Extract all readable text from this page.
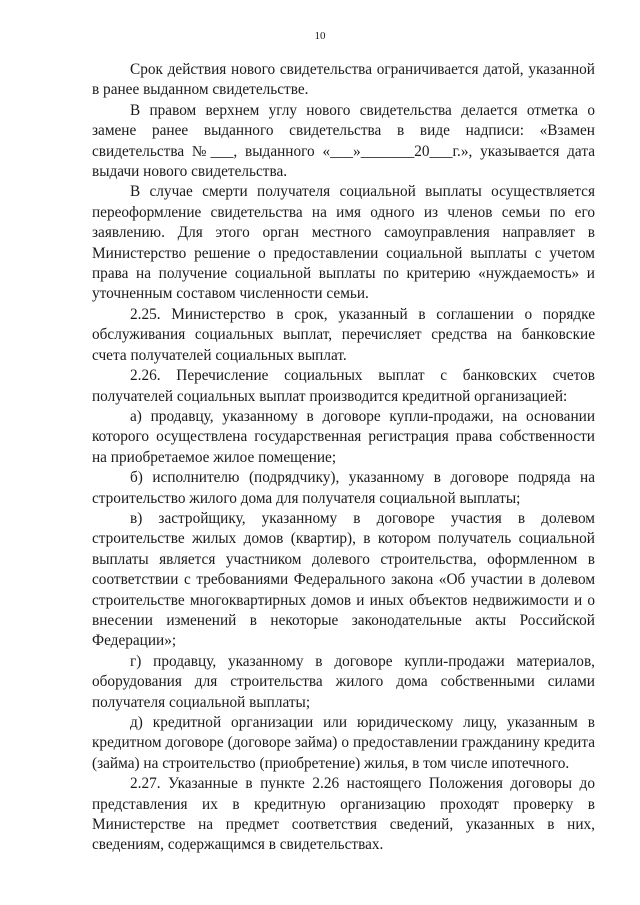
10

Срок действия нового свидетельства ограничивается датой, указанной в ранее выданном свидетельстве.

В правом верхнем углу нового свидетельства делается отметка о замене ранее выданного свидетельства в виде надписи: «Взамен свидетельства №___, выданного «___»_______20___г.», указывается дата выдачи нового свидетельства.

В случае смерти получателя социальной выплаты осуществляется переоформление свидетельства на имя одного из членов семьи по его заявлению. Для этого орган местного самоуправления направляет в Министерство решение о предоставлении социальной выплаты с учетом права на получение социальной выплаты по критерию «нуждаемость» и уточненным составом численности семьи.

2.25. Министерство в срок, указанный в соглашении о порядке обслуживания социальных выплат, перечисляет средства на банковские счета получателей социальных выплат.

2.26. Перечисление социальных выплат с банковских счетов получателей социальных выплат производится кредитной организацией:

а) продавцу, указанному в договоре купли-продажи, на основании которого осуществлена государственная регистрация права собственности на приобретаемое жилое помещение;

б) исполнителю (подрядчику), указанному в договоре подряда на строительство жилого дома для получателя социальной выплаты;

в) застройщику, указанному в договоре участия в долевом строительстве жилых домов (квартир), в котором получатель социальной выплаты является участником долевого строительства, оформленном в соответствии с требованиями Федерального закона «Об участии в долевом строительстве многоквартирных домов и иных объектов недвижимости и о внесении изменений в некоторые законодательные акты Российской Федерации»;

г) продавцу, указанному в договоре купли-продажи материалов, оборудования для строительства жилого дома собственными силами получателя социальной выплаты;

д) кредитной организации или юридическому лицу, указанным в кредитном договоре (договоре займа) о предоставлении гражданину кредита (займа) на строительство (приобретение) жилья, в том числе ипотечного.

2.27. Указанные в пункте 2.26 настоящего Положения договоры до представления их в кредитную организацию проходят проверку в Министерстве на предмет соответствия сведений, указанных в них, сведениям, содержащимся в свидетельствах.
